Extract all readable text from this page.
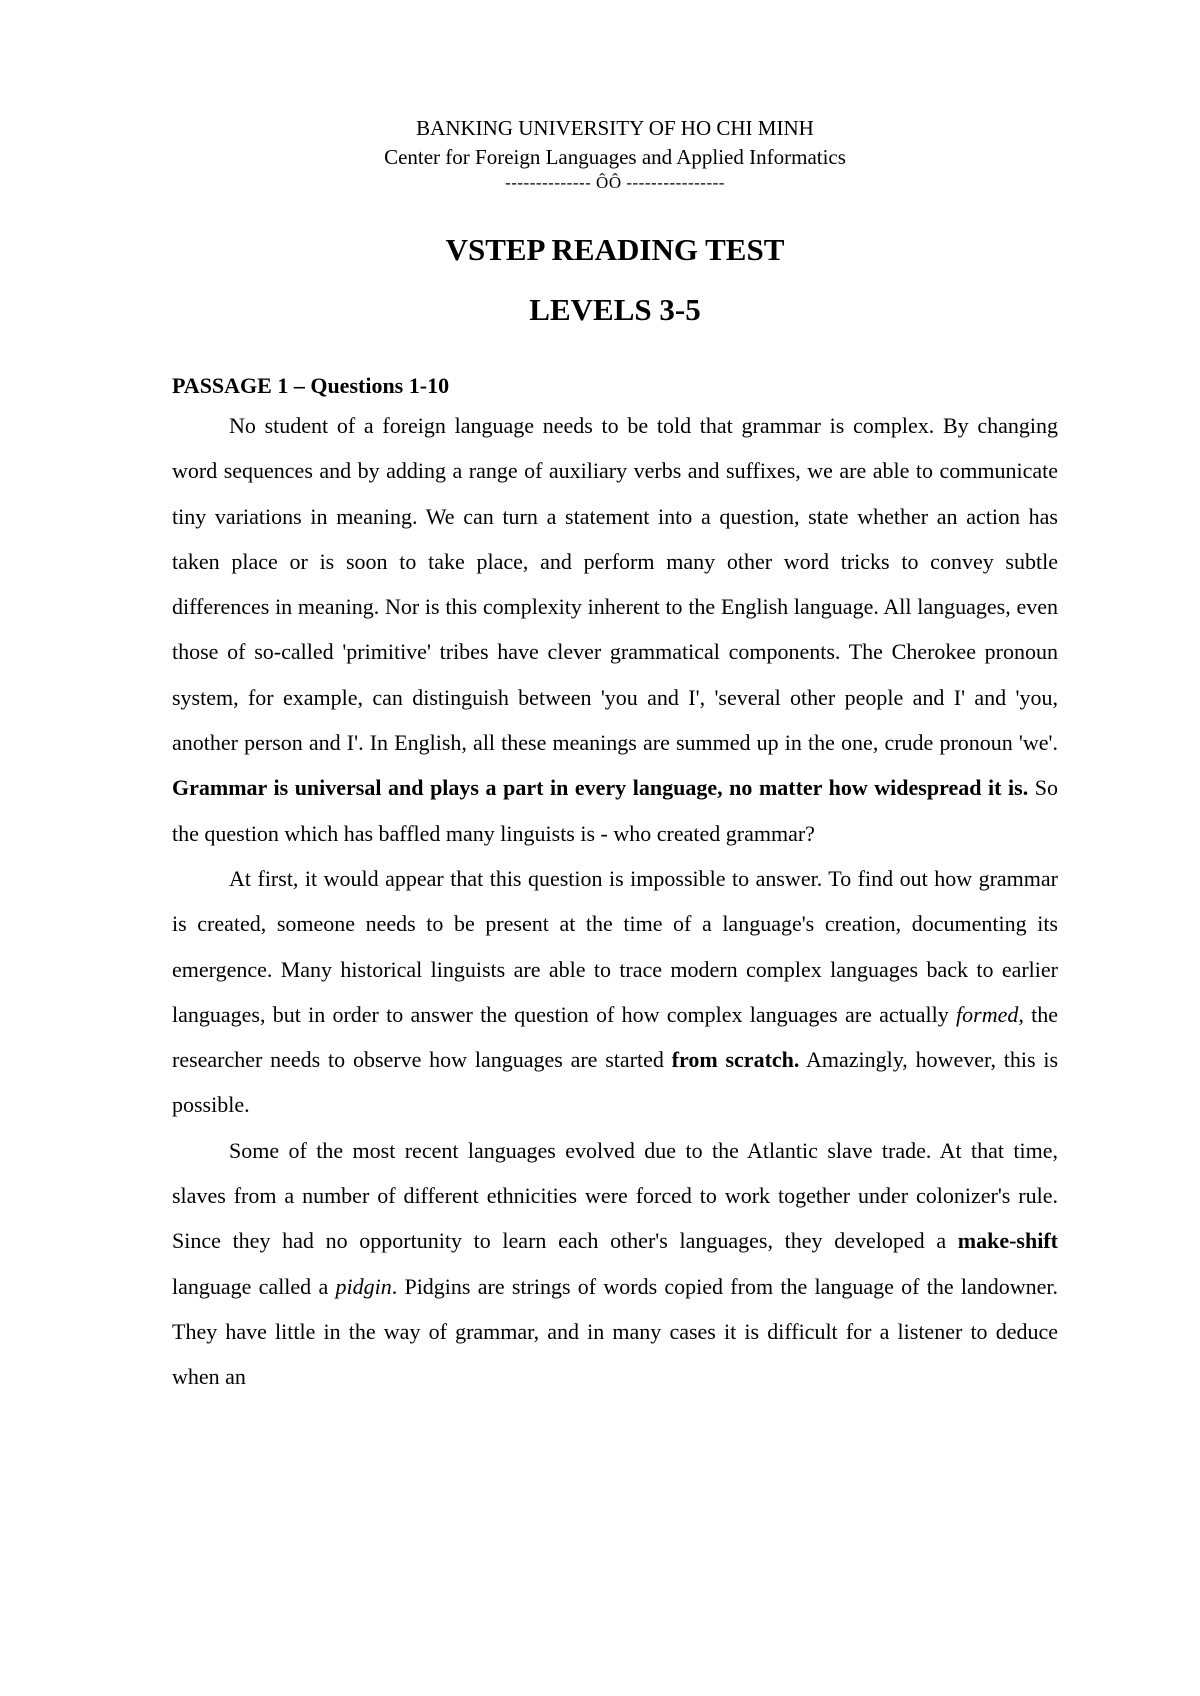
BANKING UNIVERSITY OF HO CHI MINH
Center for Foreign Languages and Applied Informatics
-------------- ÔÔ ----------------
VSTEP READING TEST
LEVELS 3-5
PASSAGE 1 – Questions 1-10

No student of a foreign language needs to be told that grammar is complex. By changing word sequences and by adding a range of auxiliary verbs and suffixes, we are able to communicate tiny variations in meaning. We can turn a statement into a question, state whether an action has taken place or is soon to take place, and perform many other word tricks to convey subtle differences in meaning. Nor is this complexity inherent to the English language. All languages, even those of so-called 'primitive' tribes have clever grammatical components. The Cherokee pronoun system, for example, can distinguish between 'you and I', 'several other people and I' and 'you, another person and I'. In English, all these meanings are summed up in the one, crude pronoun 'we'. Grammar is universal and plays a part in every language, no matter how widespread it is. So the question which has baffled many linguists is - who created grammar?

At first, it would appear that this question is impossible to answer. To find out how grammar is created, someone needs to be present at the time of a language's creation, documenting its emergence. Many historical linguists are able to trace modern complex languages back to earlier languages, but in order to answer the question of how complex languages are actually formed, the researcher needs to observe how languages are started from scratch. Amazingly, however, this is possible.

Some of the most recent languages evolved due to the Atlantic slave trade. At that time, slaves from a number of different ethnicities were forced to work together under colonizer's rule. Since they had no opportunity to learn each other's languages, they developed a make-shift language called a pidgin. Pidgins are strings of words copied from the language of the landowner. They have little in the way of grammar, and in many cases it is difficult for a listener to deduce when an
